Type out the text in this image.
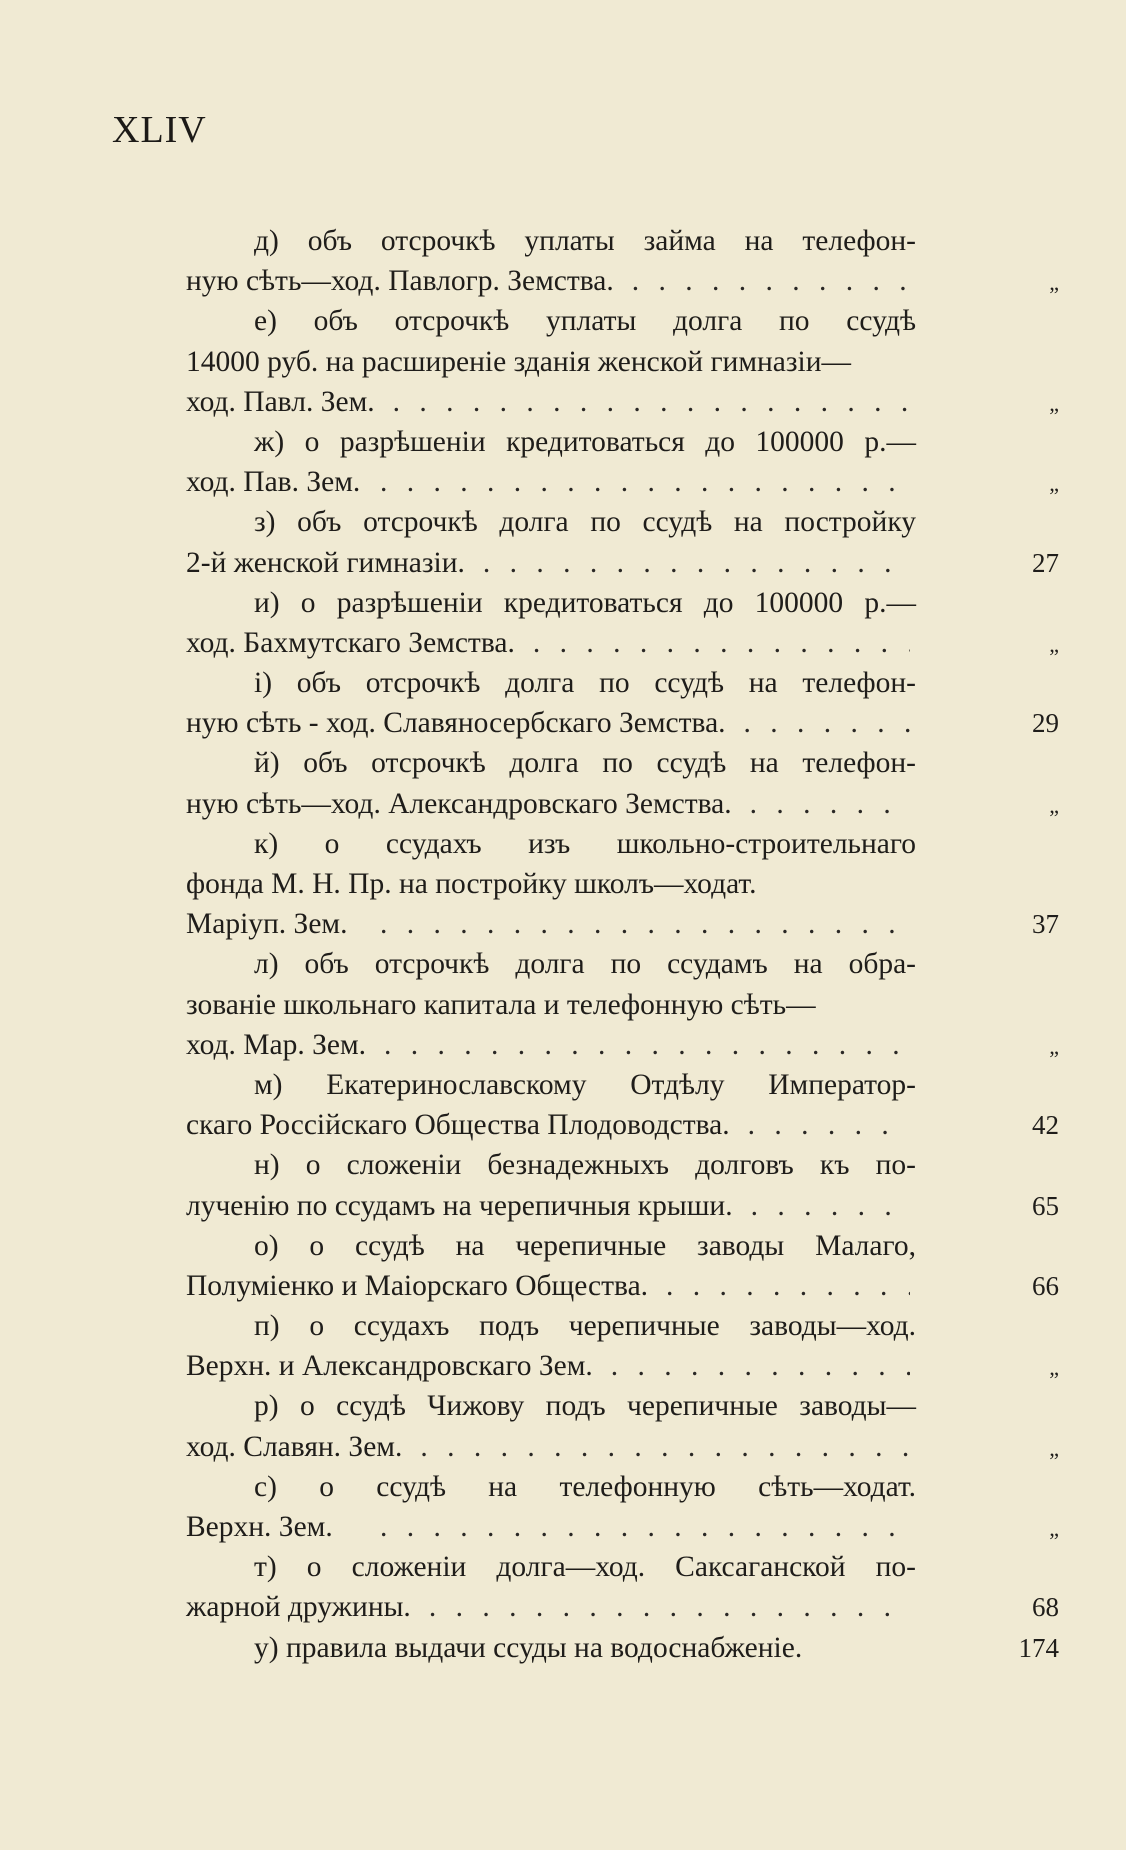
XLIV
д) объ отсрочкѣ уплаты займа на телефон-
ную сѣть—ход. Павлогр. Земства. . . .	„
е) объ отсрочкѣ уплаты долга по ссудѣ
14000 руб. на расширеніе зданія женской гимназіи—
ход. Павл. Зем. . . .	„
ж) о разрѣшеніи кредитоваться до 100000 р.—
ход. Пав. Зем. . . .	„
з) объ отсрочкѣ долга по ссудѣ на постройку
2-й женской гимназіи. . . .	27
и) о разрѣшеніи кредитоваться до 100000 р.—
ход. Бахмутскаго Земства. . . .	„
і) объ отсрочкѣ долга по ссудѣ на телефон-
ную сѣть - ход. Славяносербскаго Земства. . . .	29
й) объ отсрочкѣ долга по ссудѣ на телефон-
ную сѣть—ход. Александровскаго Земства. . . .	„
к) о ссудахъ изъ школьно-строительнаго
фонда М. Н. Пр. на постройку школъ—ходат.
Маріуп. Зем. . . .	37
л) объ отсрочкѣ долга по ссудамъ на обра-
зованіе школьнаго капитала и телефонную сѣть—
ход. Мар. Зем. . . .	„
м) Екатеринославскому Отдѣлу Император-
скаго Россійскаго Общества Плодоводства. . . .	42
н) о сложеніи безнадежныхъ долговъ къ по-
лученію по ссудамъ на черепичныя крыши. . . .	65
о) о ссудѣ на черепичные заводы Малаго,
Полуміенко и Маіорскаго Общества. . . .	66
п) о ссудахъ подъ черепичные заводы—ход.
Верхн. и Александровскаго Зем. . . .	„
р) о ссудѣ Чижову подъ черепичные заводы—
ход. Славян. Зем. . . .	„
с) о ссудѣ на телефонную сѣть—ходат.
Верхн. Зем. . . .	„
т) о сложеніи долга—ход. Саксаганской по-
жарной дружины. . . .	68
у) правила выдачи ссуды на водоснабженіе.	174
